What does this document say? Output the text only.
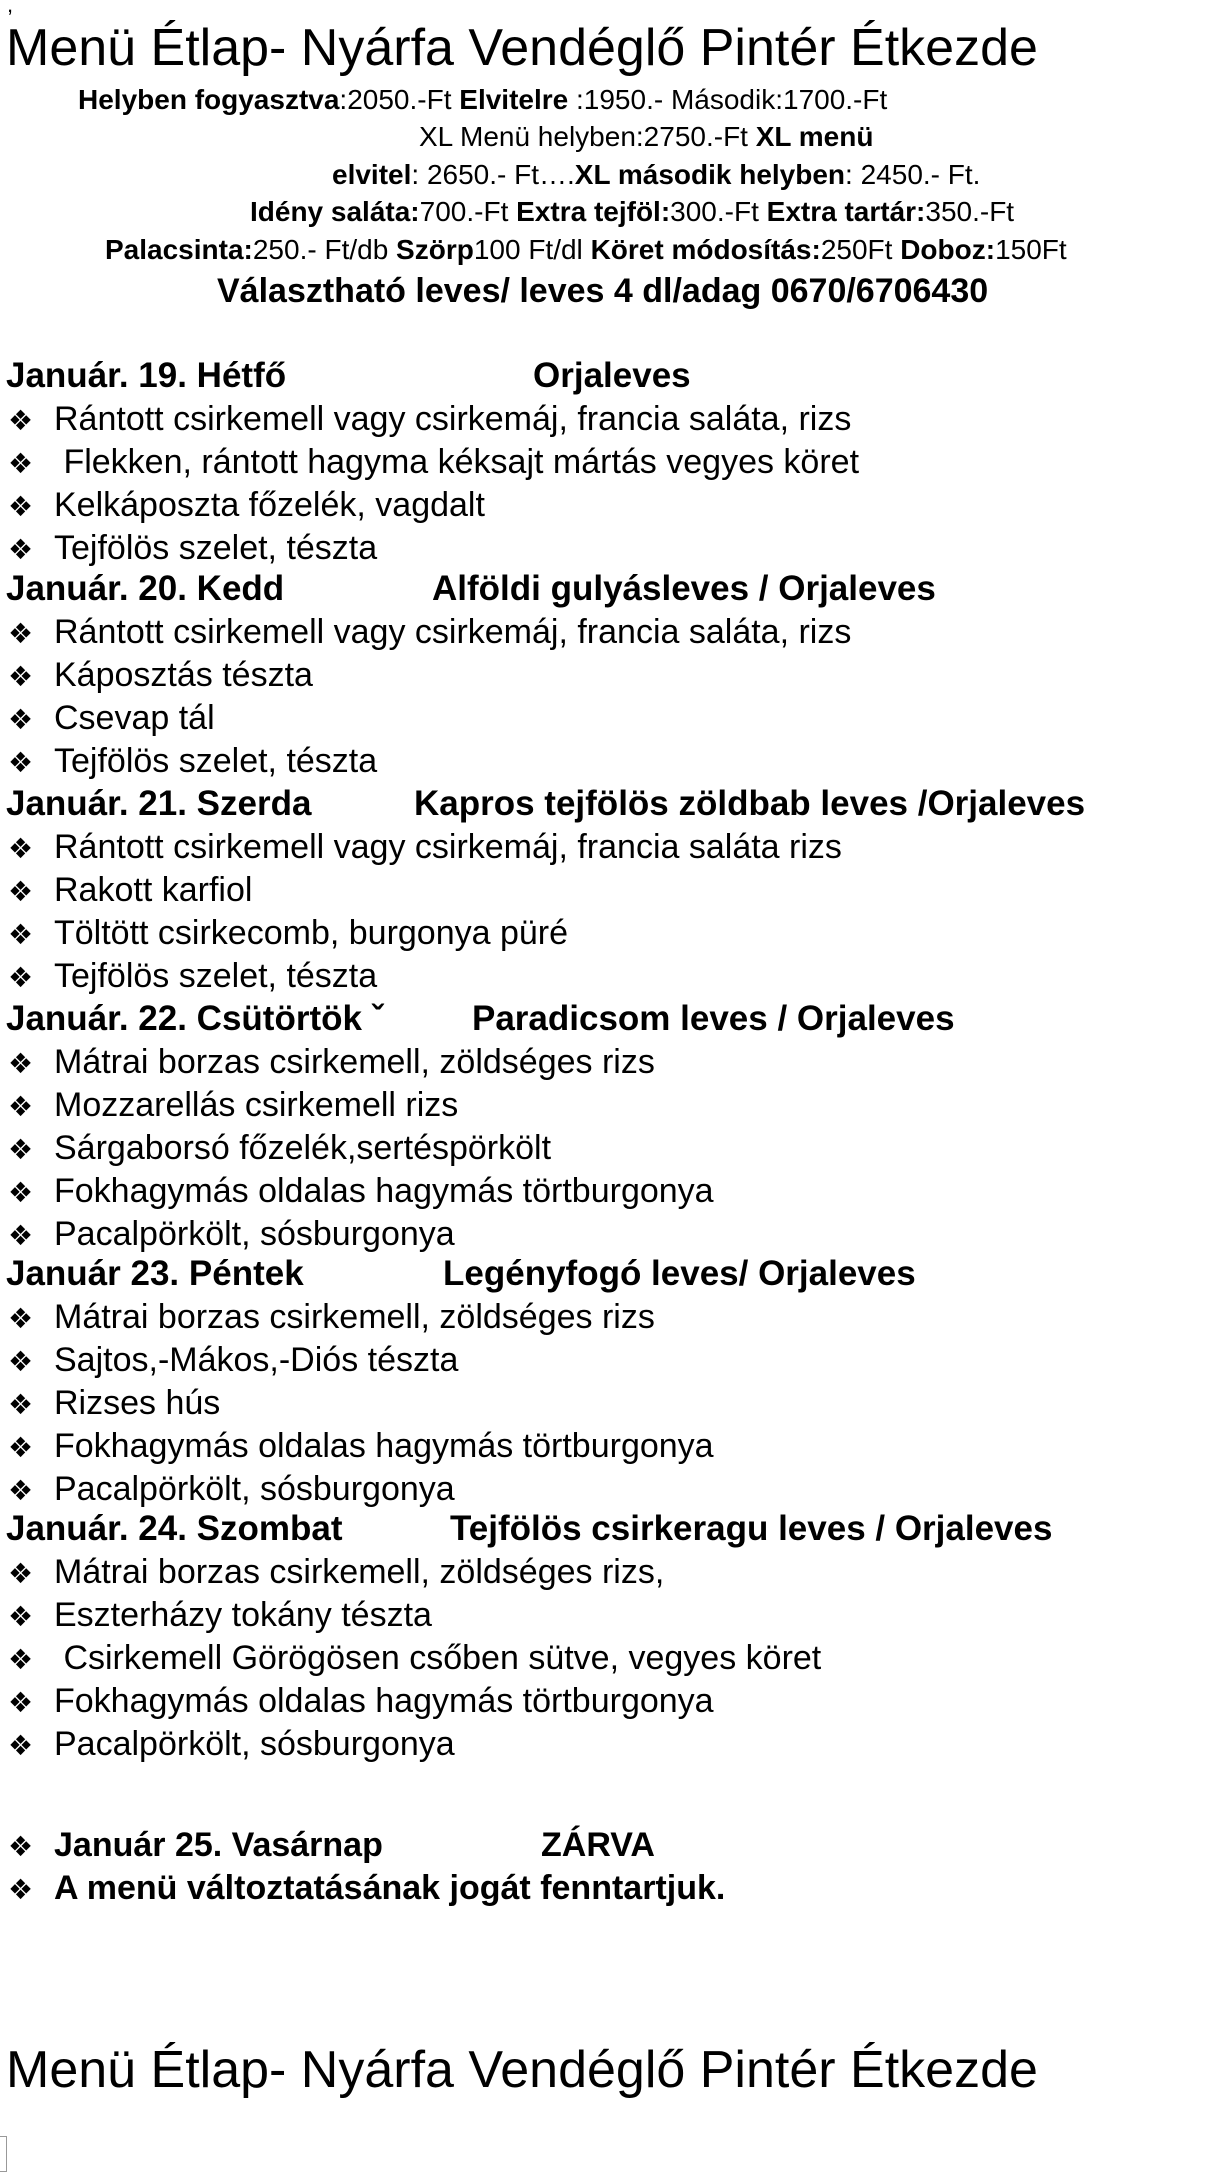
,
Menü Étlap- Nyárfa Vendéglő Pintér Étkezde
Helyben fogyasztva:2050.-Ft Elvitelre :1950.- Második:1700.-Ft
XL Menü helyben:2750.-Ft XL menü
elvitel: 2650.- Ft….XL második helyben: 2450.- Ft.
Idény saláta:700.-Ft Extra tejföl:300.-Ft Extra tartár:350.-Ft
Palacsinta:250.- Ft/db Szörp100 Ft/dl Köret módosítás:250Ft Doboz:150Ft
Választható leves/ leves 4 dl/adag 0670/6706430
Január. 19. Hétfő	Orjaleves
❖ Rántott csirkemell vagy csirkemáj, francia saláta, rizs
❖ Flekken, rántott hagyma kéksajt mártás vegyes köret
❖ Kelkáposzta főzelék, vagdalt
❖ Tejfölös szelet, tészta
Január. 20. Kedd	Alföldi gulyásleves / Orjaleves
❖ Rántott csirkemell vagy csirkemáj, francia saláta, rizs
❖ Káposztás tészta
❖ Csevap tál
❖ Tejfölös szelet, tészta
Január. 21. Szerda	Kapros tejfölös zöldbab leves /Orjaleves
❖ Rántott csirkemell vagy csirkemáj, francia saláta rizs
❖ Rakott karfiol
❖ Töltött csirkecomb, burgonya püré
❖ Tejfölös szelet, tészta
Január. 22. Csütörtök ˇ	Paradicsom leves / Orjaleves
❖ Mátrai borzas csirkemell, zöldséges rizs
❖ Mozzarellás csirkemell rizs
❖ Sárgaborsó főzelék,sertéspörkölt
❖ Fokhagymás oldalas hagymás törtburgonya
❖ Pacalpörkölt, sósburgonya
Január 23. Péntek	Legényfogó leves/ Orjaleves
❖ Mátrai borzas csirkemell, zöldséges rizs
❖ Sajtos,-Mákos,-Diós tészta
❖ Rizses hús
❖ Fokhagymás oldalas hagymás törtburgonya
❖ Pacalpörkölt, sósburgonya
Január. 24. Szombat	Tejfölös csirkeragu leves / Orjaleves
❖ Mátrai borzas csirkemell, zöldséges rizs,
❖ Eszterházy tokány tészta
❖ Csirkemell Görögösen csőben sütve, vegyes köret
❖ Fokhagymás oldalas hagymás törtburgonya
❖ Pacalpörkölt, sósburgonya
❖ Január 25. Vasárnap	ZÁRVA
❖ A menü változtatásának jogát fenntartjuk.
Menü Étlap- Nyárfa Vendéglő Pintér Étkezde
